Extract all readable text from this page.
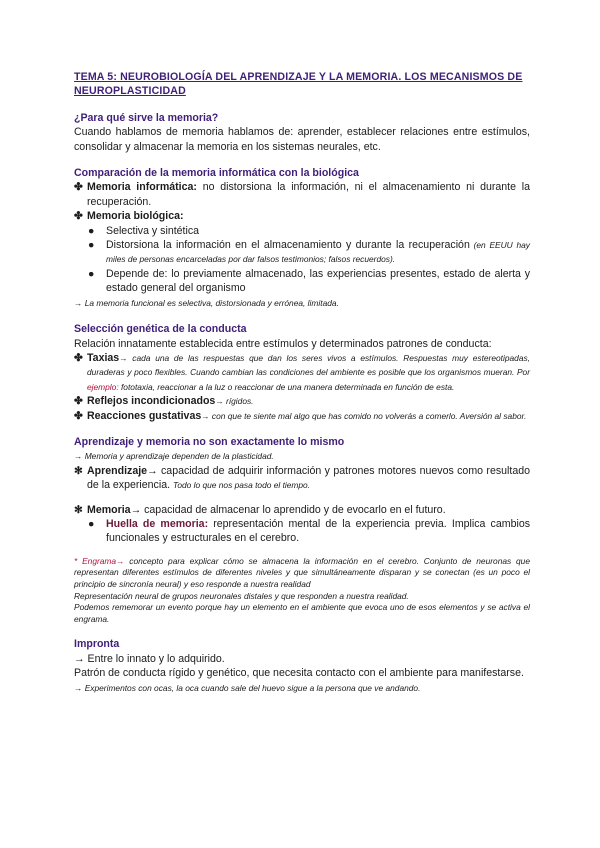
TEMA 5: NEUROBIOLOGÍA DEL APRENDIZAJE Y LA MEMORIA. LOS MECANISMOS DE NEUROPLASTICIDAD
¿Para qué sirve la memoria?
Cuando hablamos de memoria hablamos de: aprender, establecer relaciones entre estímulos, consolidar y almacenar la memoria en los sistemas neurales, etc.
Comparación de la memoria informática con la biológica
✤ Memoria informática: no distorsiona la información, ni el almacenamiento ni durante la recuperación.
✤ Memoria biológica:
●	Selectiva y sintética
●	Distorsiona la información en el almacenamiento y durante la recuperación (en EEUU hay miles de personas encarceladas por dar falsos testimonios; falsos recuerdos).
●	Depende de: lo previamente almacenado, las experiencias presentes, estado de alerta y estado general del organismo
→ La memoria funcional es selectiva, distorsionada y errónea, limitada.
Selección genética de la conducta
Relación innatamente establecida entre estímulos y determinados patrones de conducta:
✤ Taxias→ cada una de las respuestas que dan los seres vivos a estímulos. Respuestas muy estereotipadas, duraderas y poco flexibles. Cuando cambian las condiciones del ambiente es posible que los organismos mueran. Por ejemplo: fototaxia, reaccionar a la luz o reaccionar de una manera determinada en función de esta.
✤ Reflejos incondicionados→ rígidos.
✤ Reacciones gustativas→ con que te siente mal algo que has comido no volverás a comerlo. Aversión al sabor.
Aprendizaje y memoria no son exactamente lo mismo
→ Memoria y aprendizaje dependen de la plasticidad.
✻ Aprendizaje→ capacidad de adquirir información y patrones motores nuevos como resultado de la experiencia. Todo lo que nos pasa todo el tiempo.
✻ Memoria→ capacidad de almacenar lo aprendido y de evocarlo en el futuro.
●	Huella de memoria: representación mental de la experiencia previa. Implica cambios funcionales y estructurales en el cerebro.
* Engrama→ concepto para explicar cómo se almacena la información en el cerebro. Conjunto de neuronas que representan diferentes estímulos de diferentes niveles y que simultáneamente disparan y se conectan (es un poco el principio de sincronía neural) y eso responde a nuestra realidad
Representación neural de grupos neuronales distales y que responden a nuestra realidad.
Podemos rememorar un evento porque hay un elemento en el ambiente que evoca uno de esos elementos y se activa el engrama.
Impronta
→ Entre lo innato y lo adquirido.
Patrón de conducta rígido y genético, que necesita contacto con el ambiente para manifestarse.
→ Experimentos con ocas, la oca cuando sale del huevo sigue a la persona que ve andando.
